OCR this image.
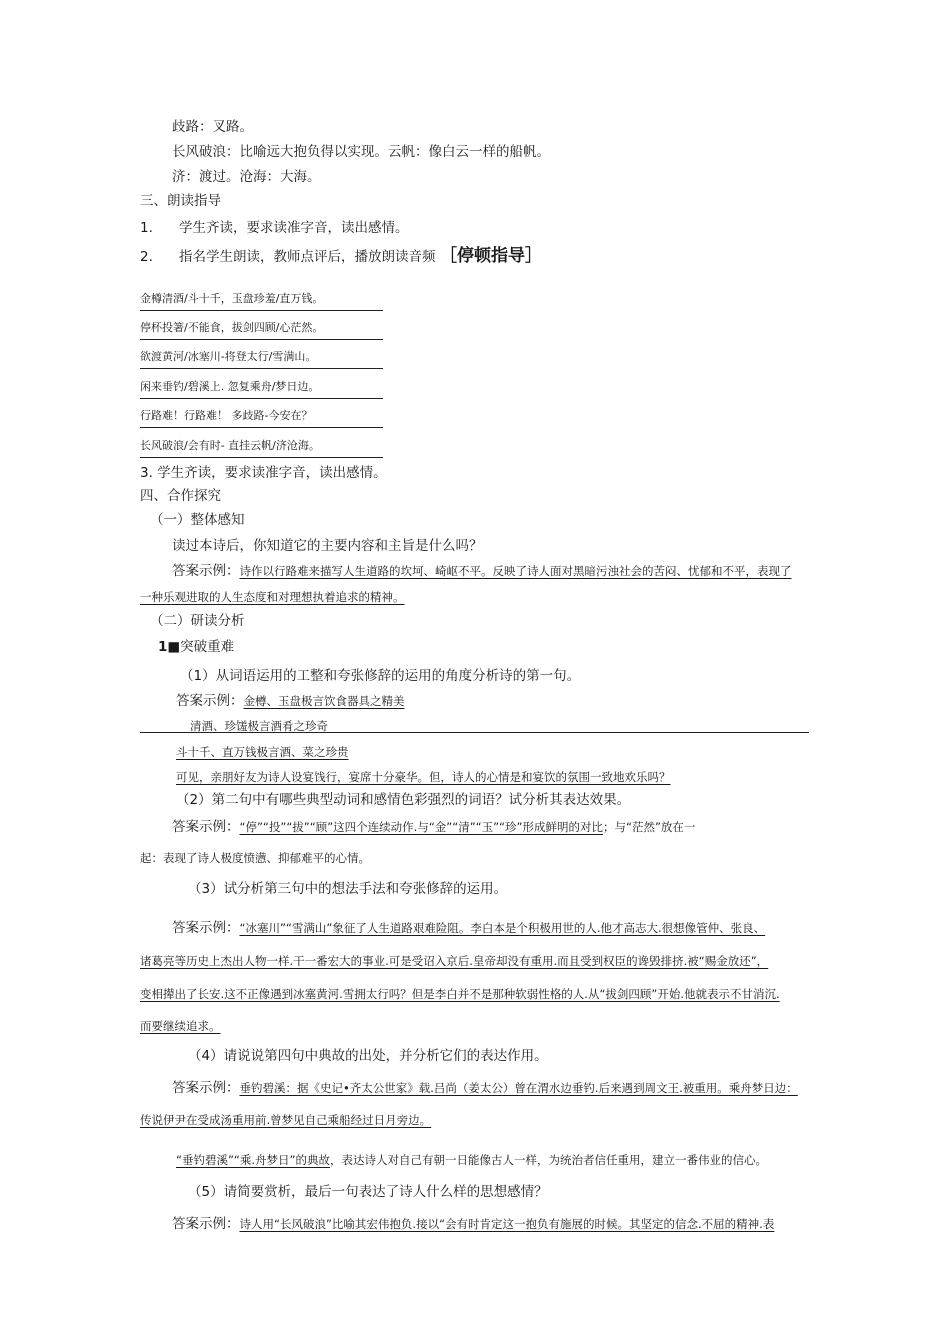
歧路：叉路。
长风破浪：比喻远大抱负得以实现。云帆：像白云一样的船帆。
济：渡过。沧海：大海。
三、朗读指导
1. 学生齐读，要求读准字音，读出感情。
2. 指名学生朗读，教师点评后，播放朗读音频 ［停顿指导］
金樽清酒/斗十千，玉盘珍羞/直万钱。
停杯投箸/不能食，拔剑四顾/心茫然。
欲渡黄河/冰塞川-将登太行/雪满山。
闲来垂钓/碧溪上. 忽复乘舟/梦日边。
行路难！行路难！ 多歧路-今安在？
长风破浪/会有时- 直挂云帆/济沧海。
3. 学生齐读，要求读准字音，读出感情。
四、合作探究
（一）整体感知
读过本诗后，你知道它的主要内容和主旨是什么吗？
答案示例：诗作以行路难来描写人生道路的坎坷、崎岖不平。反映了诗人面对黑暗污浊社会的苦闷、忧郁和不平，表现了
一种乐观进取的人生态度和对理想执着追求的精神。
（二）研读分析
1■突破重难
（1）从词语运用的工整和夸张修辞的运用的角度分析诗的第一句。
答案示例：金樽、玉盘极言饮食器具之精美
清酒、珍馐极言酒肴之珍奇
斗十千、直万钱极言酒、菜之珍贵
可见，亲朋好友为诗人设宴饯行，宴席十分豪华。但，诗人的心情是和宴饮的氛围一致地欢乐吗？
（2）第二句中有哪些典型动词和感情色彩强烈的词语？试分析其表达效果。
答案示例：“停”“投”“拔”“顾”这四个连续动作.与“金”“清”“玉”“珍”形成鲜明的对比；与“茫然”放在一
起：表现了诗人极度愤懑、抑郁难平的心情。
（3）试分析第三句中的想法手法和夸张修辞的运用。
答案示例：“冰塞川”“雪满山”象征了人生道路艰难险阻。李白本是个积极用世的人.他才高志大.很想像管仲、张良、
诸葛亮等历史上杰出人物一样.干一番宏大的事业.可是受诏入京后.皇帝却没有重用.而且受到权臣的谗毁排挤.被“赐金放还”，
变相撵出了长安.这不正像遇到冰塞黄河.雪拥太行吗？但是李白并不是那种软弱性格的人.从“拔剑四顾”开始.他就表示不甘消沉.
而要继续追求。
（4）请说说第四句中典故的出处，并分析它们的表达作用。
答案示例：垂钓碧溪：据《史记•齐太公世家》载.吕尚（姜太公）曾在渭水边垂钓.后来遇到周文王.被重用。乘舟梦日边：
传说伊尹在受成汤重用前.曾梦见自己乘船经过日月旁边。
“垂钓碧溪”“乘.舟梦日”的典故，表达诗人对自己有朝一日能像古人一样，为统治者信任重用，建立一番伟业的信心。
（5）请简要赏析，最后一句表达了诗人什么样的思想感情？
答案示例：诗人用“长风破浪”比喻其宏伟抱负.接以“会有时肯定这一抱负有施展的时候。其坚定的信念.不屈的精神.表
